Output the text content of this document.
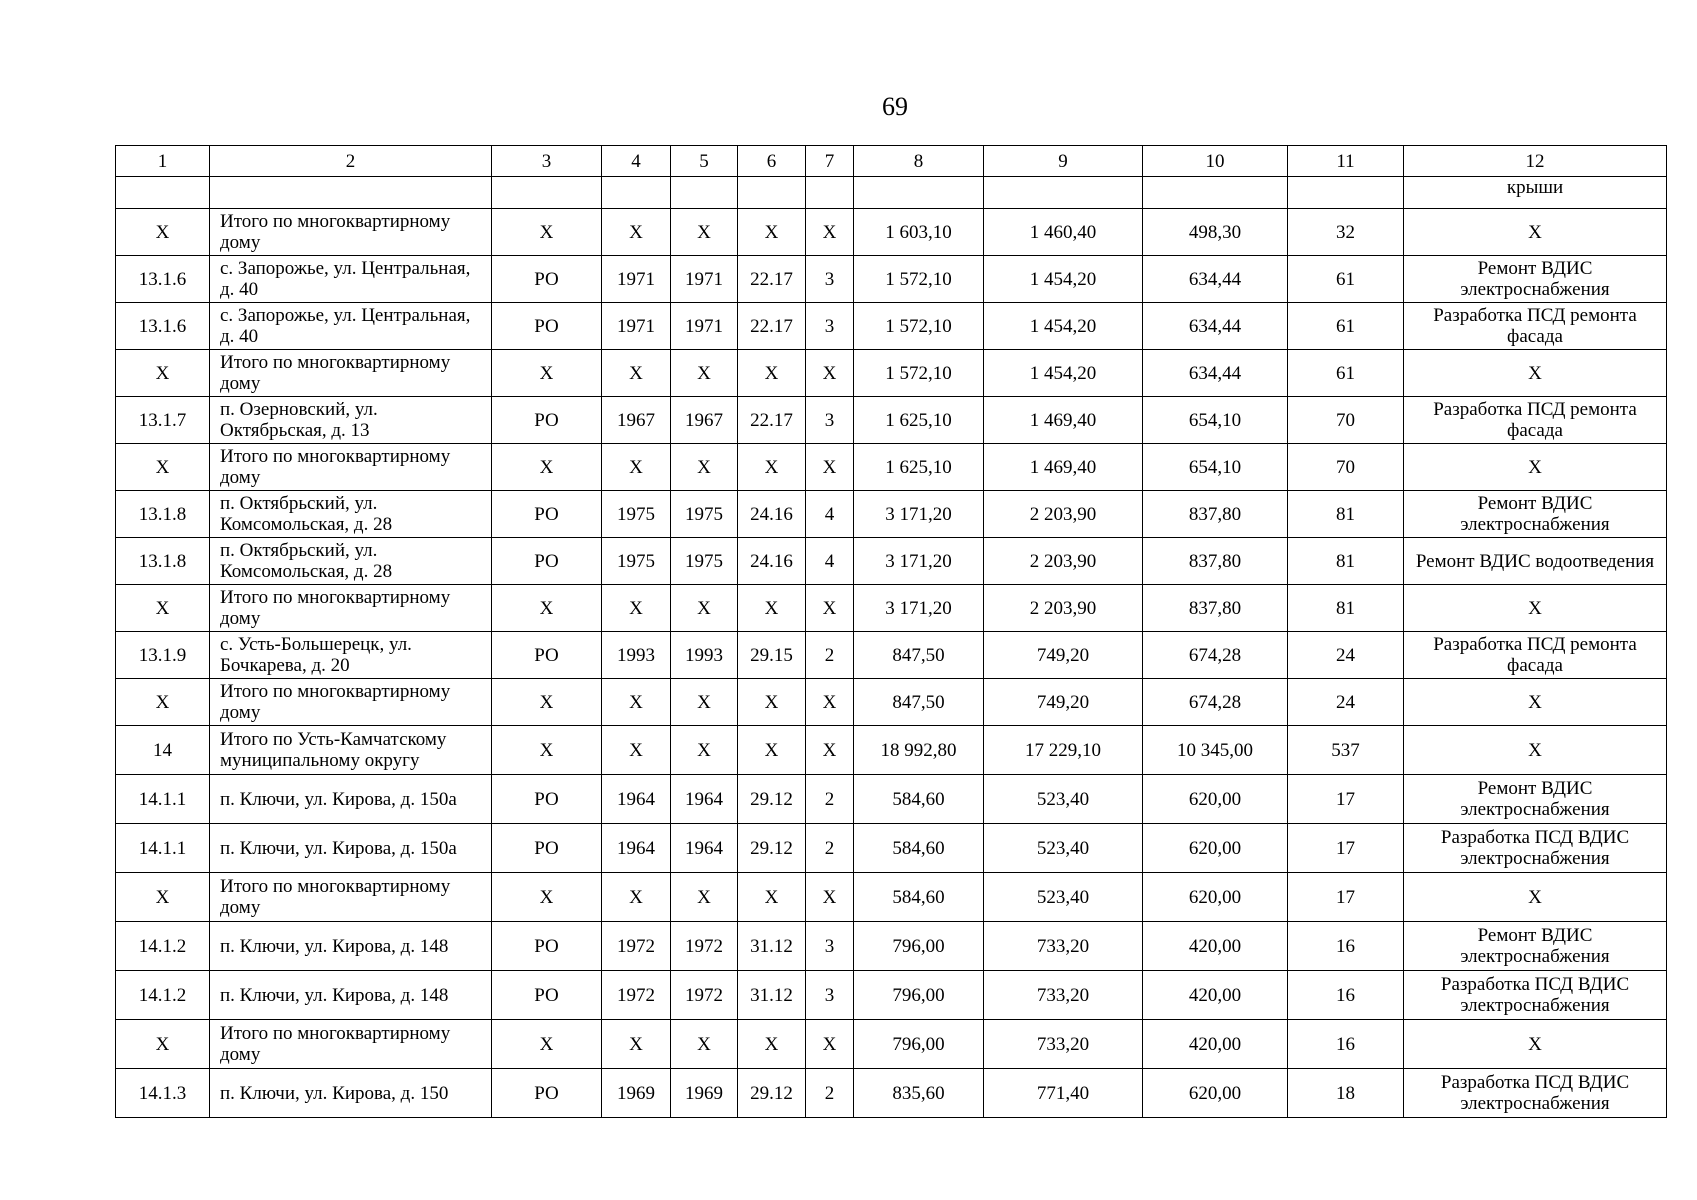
69
1	2	3	4	5	6	7	8	9	10	11	12
											крыши
Х	Итого по многоквартирному дому	Х	Х	Х	Х	Х	1 603,10	1 460,40	498,30	32	Х
13.1.6	с. Запорожье, ул. Центральная, д. 40	РО	1971	1971	22.17	3	1 572,10	1 454,20	634,44	61	Ремонт ВДИС электроснабжения
13.1.6	с. Запорожье, ул. Центральная, д. 40	РО	1971	1971	22.17	3	1 572,10	1 454,20	634,44	61	Разработка ПСД ремонта фасада
Х	Итого по многоквартирному дому	Х	Х	Х	Х	Х	1 572,10	1 454,20	634,44	61	Х
13.1.7	п. Озерновский, ул. Октябрьская, д. 13	РО	1967	1967	22.17	3	1 625,10	1 469,40	654,10	70	Разработка ПСД ремонта фасада
Х	Итого по многоквартирному дому	Х	Х	Х	Х	Х	1 625,10	1 469,40	654,10	70	Х
13.1.8	п. Октябрьский, ул. Комсомольская, д. 28	РО	1975	1975	24.16	4	3 171,20	2 203,90	837,80	81	Ремонт ВДИС электроснабжения
13.1.8	п. Октябрьский, ул. Комсомольская, д. 28	РО	1975	1975	24.16	4	3 171,20	2 203,90	837,80	81	Ремонт ВДИС водоотведения
Х	Итого по многоквартирному дому	Х	Х	Х	Х	Х	3 171,20	2 203,90	837,80	81	Х
13.1.9	с. Усть-Большерецк, ул. Бочкарева, д. 20	РО	1993	1993	29.15	2	847,50	749,20	674,28	24	Разработка ПСД ремонта фасада
Х	Итого по многоквартирному дому	Х	Х	Х	Х	Х	847,50	749,20	674,28	24	Х
14	Итого по Усть-Камчатскому муниципальному округу	Х	Х	Х	Х	Х	18 992,80	17 229,10	10 345,00	537	Х
14.1.1	п. Ключи, ул. Кирова, д. 150а	РО	1964	1964	29.12	2	584,60	523,40	620,00	17	Ремонт ВДИС электроснабжения
14.1.1	п. Ключи, ул. Кирова, д. 150а	РО	1964	1964	29.12	2	584,60	523,40	620,00	17	Разработка ПСД ВДИС электроснабжения
Х	Итого по многоквартирному дому	Х	Х	Х	Х	Х	584,60	523,40	620,00	17	Х
14.1.2	п. Ключи, ул. Кирова, д. 148	РО	1972	1972	31.12	3	796,00	733,20	420,00	16	Ремонт ВДИС электроснабжения
14.1.2	п. Ключи, ул. Кирова, д. 148	РО	1972	1972	31.12	3	796,00	733,20	420,00	16	Разработка ПСД ВДИС электроснабжения
Х	Итого по многоквартирному дому	Х	Х	Х	Х	Х	796,00	733,20	420,00	16	Х
14.1.3	п. Ключи, ул. Кирова, д. 150	РО	1969	1969	29.12	2	835,60	771,40	620,00	18	Разработка ПСД ВДИС электроснабжения
